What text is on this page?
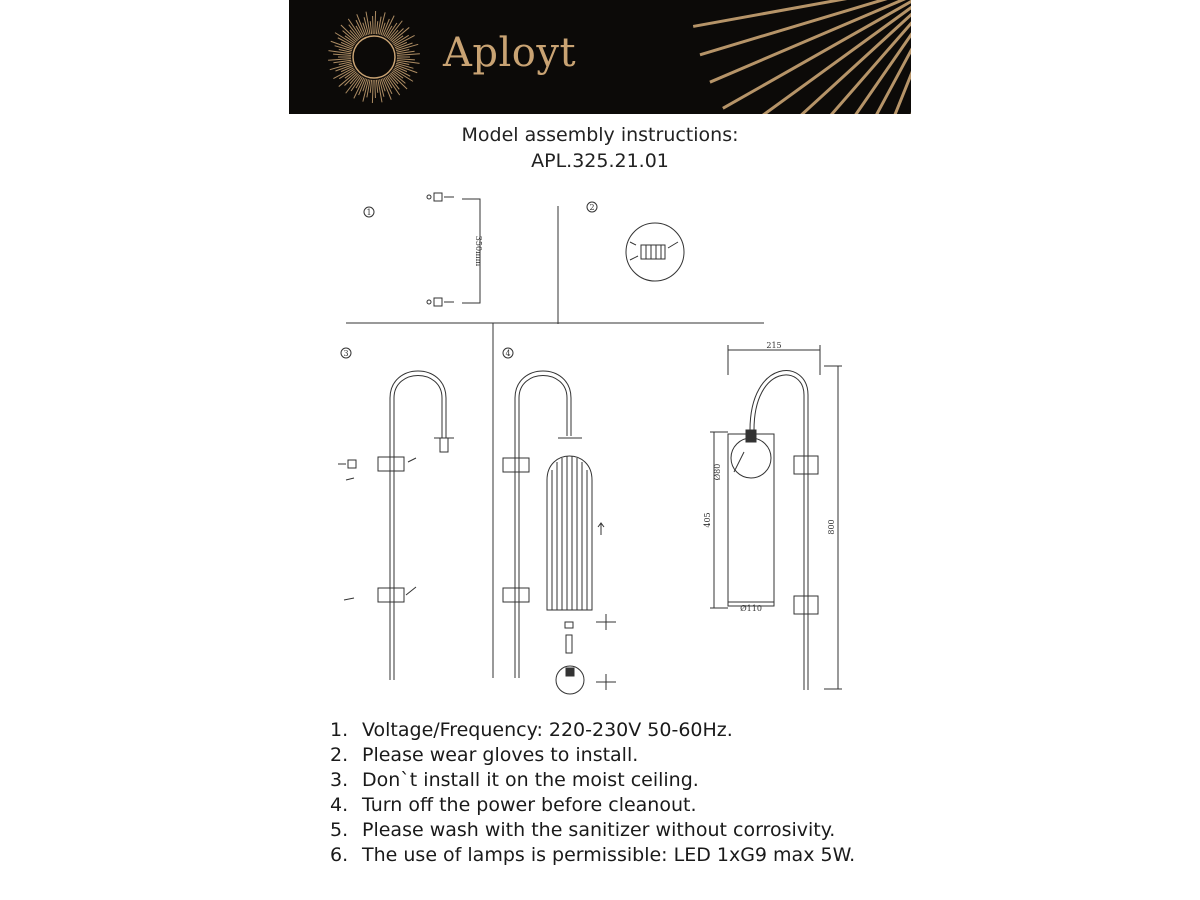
Aployt
Model assembly instructions:
APL.325.21.01
1
2
3	4
350mm
215
800
405
Ø110
Ø80
1. Voltage/Frequency: 220-230V 50-60Hz.
2. Please wear gloves to install.
3. Don`t install it on the moist ceiling.
4. Turn off the power before cleanout.
5. Please wash with the sanitizer without corrosivity.
6. The use of lamps is permissible: LED 1xG9 max 5W.
